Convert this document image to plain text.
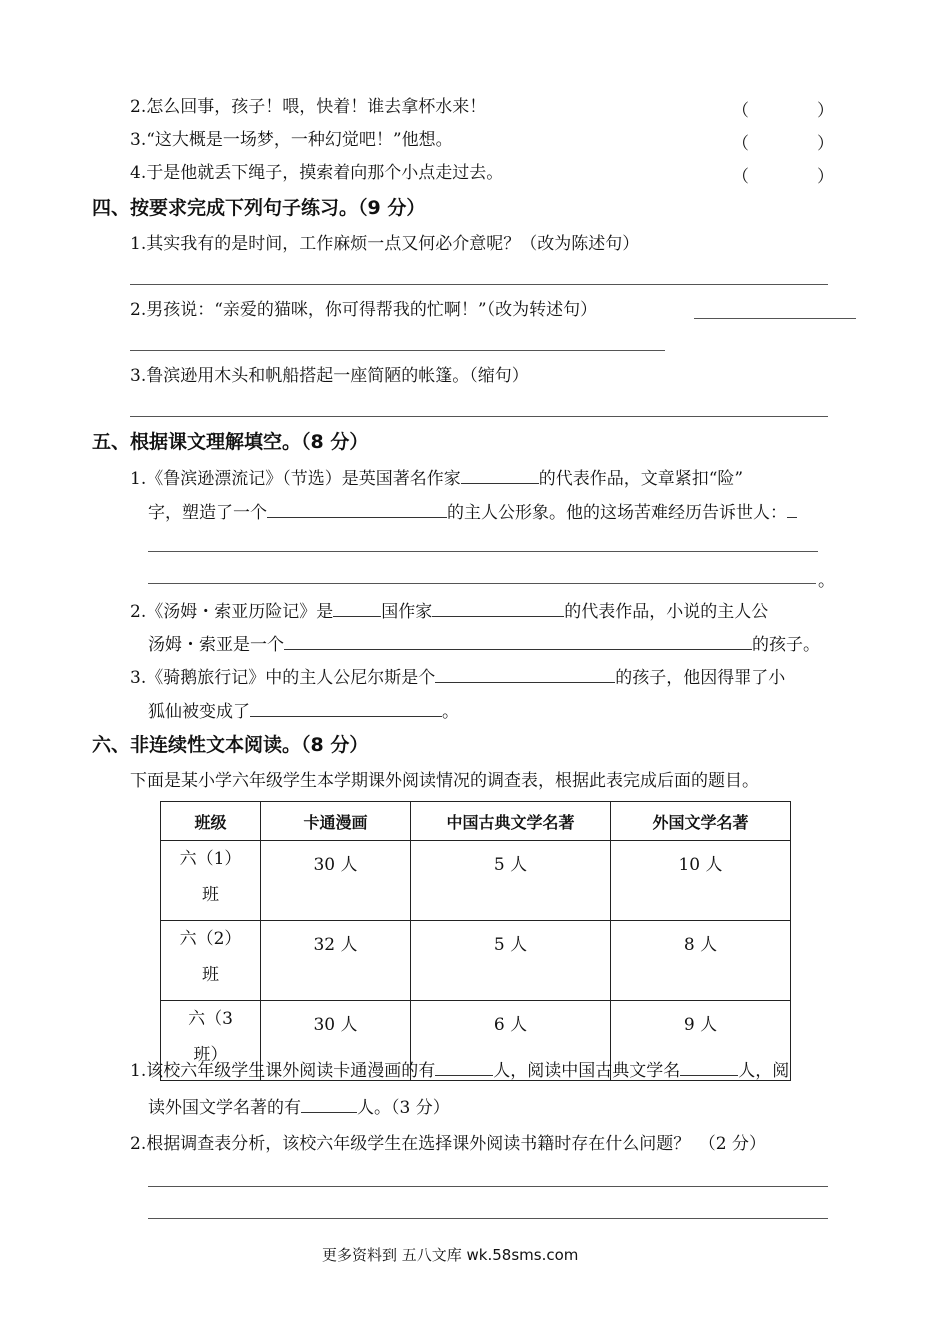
2.怎么回事，孩子！喂，快着！谁去拿杯水来！	（　　　　）
3.“这大概是一场梦，一种幻觉吧！”他想。	（　　　　）
4.于是他就丢下绳子，摸索着向那个小点走过去。	（　　　　）
四、按要求完成下列句子练习。（9 分）
1.其实我有的是时间，工作麻烦一点又何必介意呢？（改为陈述句）
2.男孩说：“亲爱的猫咪，你可得帮我的忙啊！”（改为转述句）
3.鲁滨逊用木头和帆船搭起一座简陋的帐篷。（缩句）
五、根据课文理解填空。（8 分）
1.《鲁滨逊漂流记》（节选）是英国著名作家	的代表作品，文章紧扣“险”
字，塑造了一个	的主人公形象。他的这场苦难经历告诉世人：
。
2.《汤姆・索亚历险记》是	国作家	的代表作品，小说的主人公
汤姆・索亚是一个	的孩子。
3.《骑鹅旅行记》中的主人公尼尔斯是个	的孩子，他因得罪了小
狐仙被变成了	。
六、非连续性文本阅读。（8 分）
下面是某小学六年级学生本学期课外阅读情况的调查表，根据此表完成后面的题目。
班级	卡通漫画	中国古典文学名著	外国文学名著

六（1）
班	30 人	5 人	10 人

六（2）
班	32 人	5 人	8 人

六（3
班）	30 人	6 人	9 人
1.该校六年级学生课外阅读卡通漫画的有	人，阅读中国古典文学名	人，阅
读外国文学名著的有	人。（3 分）
2.根据调查表分析，该校六年级学生在选择课外阅读书籍时存在什么问题？　（2 分）
更多资料到 五八文库 wk.58sms.com
